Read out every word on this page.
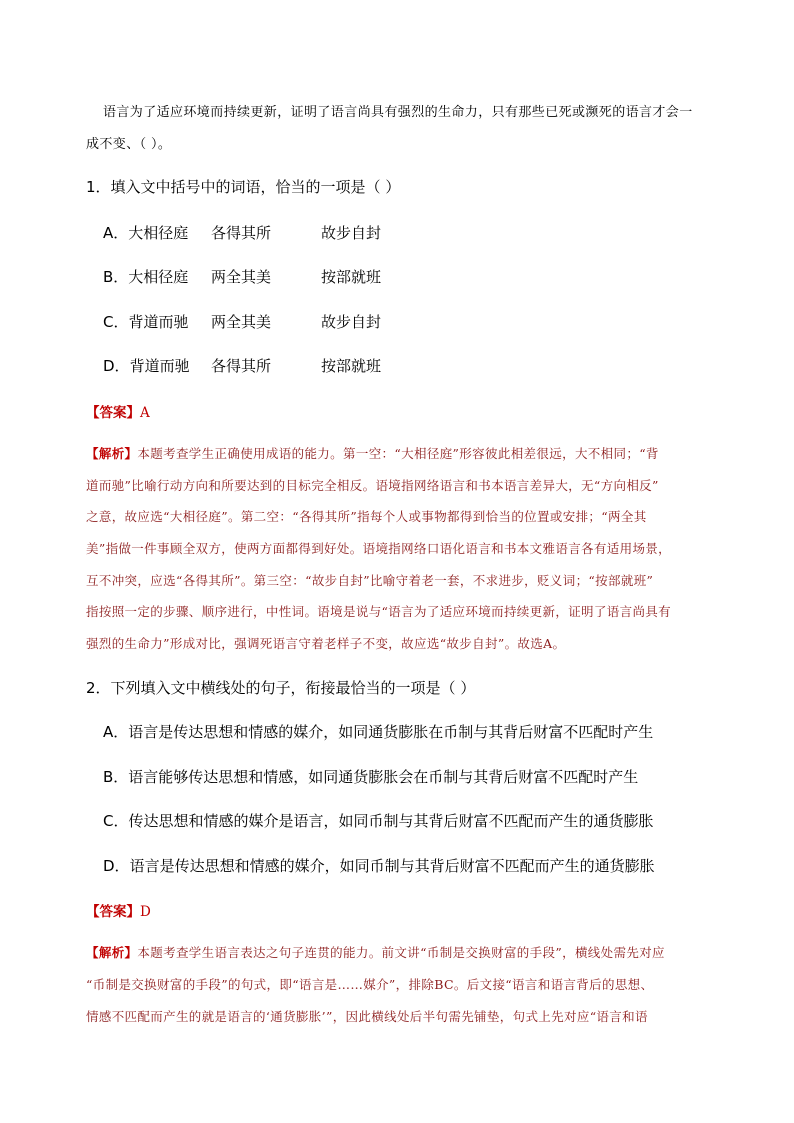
语言为了适应环境而持续更新，证明了语言尚具有强烈的生命力，只有那些已死或濒死的语言才会一
成不变、（ ）。
1．填入文中括号中的词语，恰当的一项是（ ）
A．大相径庭 各得其所	故步自封
B．大相径庭 两全其美	按部就班
C．背道而驰 两全其美	故步自封
D．背道而驰 各得其所	按部就班
【答案】A
【解析】本题考查学生正确使用成语的能力。第一空：“大相径庭”形容彼此相差很远，大不相同；“背
道而驰”比喻行动方向和所要达到的目标完全相反。语境指网络语言和书本语言差异大，无“方向相反”
之意，故应选“大相径庭”。第二空：“各得其所”指每个人或事物都得到恰当的位置或安排；“两全其
美”指做一件事顾全双方，使两方面都得到好处。语境指网络口语化语言和书本文雅语言各有适用场景，
互不冲突，应选“各得其所”。第三空：“故步自封”比喻守着老一套，不求进步，贬义词；“按部就班”
指按照一定的步骤、顺序进行，中性词。语境是说与“语言为了适应环境而持续更新，证明了语言尚具有
强烈的生命力”形成对比，强调死语言守着老样子不变，故应选“故步自封”。故选A。
2．下列填入文中横线处的句子，衔接最恰当的一项是（ ）
A．语言是传达思想和情感的媒介，如同通货膨胀在币制与其背后财富不匹配时产生
B．语言能够传达思想和情感，如同通货膨胀会在币制与其背后财富不匹配时产生
C．传达思想和情感的媒介是语言，如同币制与其背后财富不匹配而产生的通货膨胀
D．语言是传达思想和情感的媒介，如同币制与其背后财富不匹配而产生的通货膨胀
【答案】D
【解析】本题考查学生语言表达之句子连贯的能力。前文讲“币制是交换财富的手段”，横线处需先对应
“币制是交换财富的手段”的句式，即“语言是……媒介”，排除BC。后文接“语言和语言背后的思想、
情感不匹配而产生的就是语言的‘通货膨胀’”，因此横线处后半句需先铺垫，句式上先对应“语言和语
